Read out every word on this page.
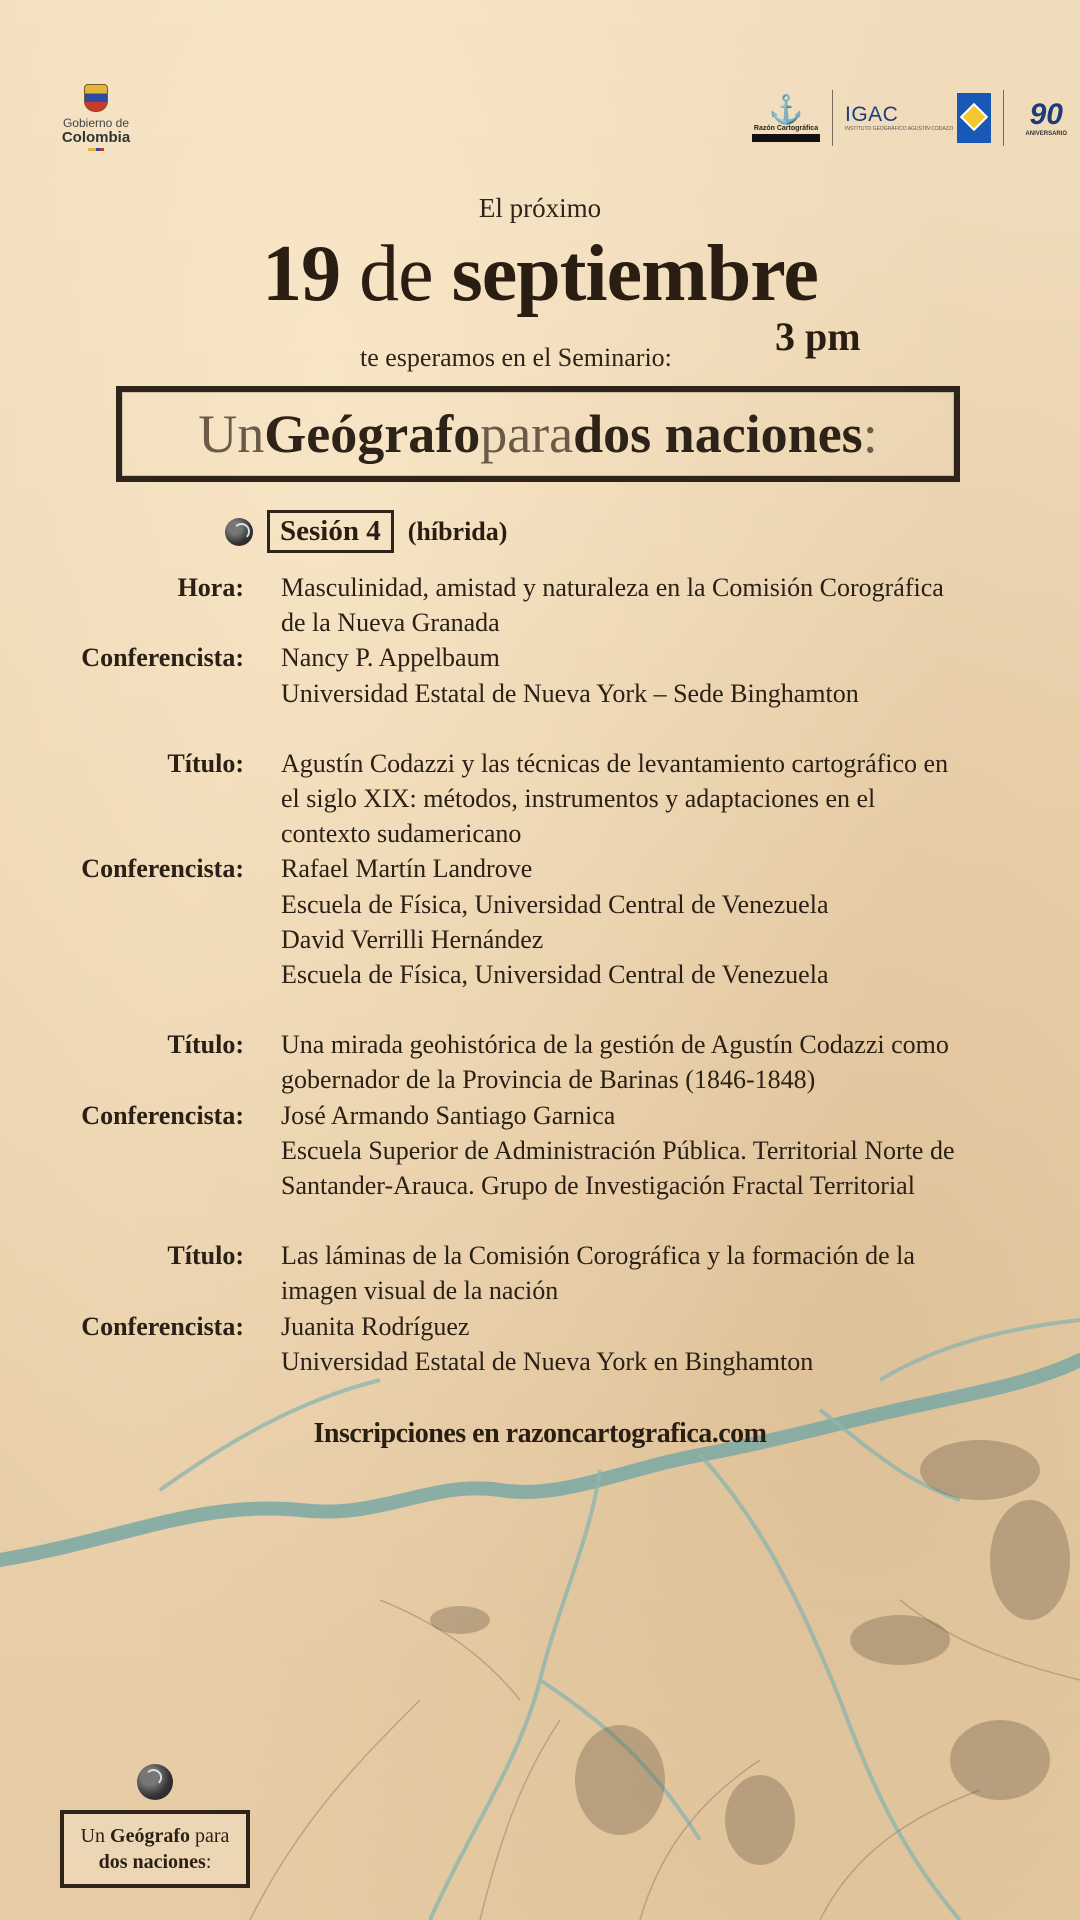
Gobierno de
Colombia
⚓
Razón Cartográfica
IGAC
INSTITUTO GEOGRÁFICO AGUSTÍN CODAZZI	90
ANIVERSARIO
El próximo
19 de septiembre
3 pm
te esperamos en el Seminario:
Un Geógrafo para dos naciones :
Sesión 4	(híbrida)
Hora:	Masculinidad, amistad y naturaleza en la Comisión Corográfica
de la Nueva Granada
Conferencista:	Nancy P. Appelbaum
Universidad Estatal de Nueva York – Sede Binghamton
Título:	Agustín Codazzi y las técnicas de levantamiento cartográfico en
el siglo XIX: métodos, instrumentos y adaptaciones en el
contexto sudamericano
Conferencista:	Rafael Martín Landrove
Escuela de Física, Universidad Central de Venezuela
David Verrilli Hernández
Escuela de Física, Universidad Central de Venezuela
Título:	Una mirada geohistórica de la gestión de Agustín Codazzi como
gobernador de la Provincia de Barinas (1846-1848)
Conferencista:	José Armando Santiago Garnica
Escuela Superior de Administración Pública. Territorial Norte de
Santander-Arauca. Grupo de Investigación Fractal Territorial
Título:	Las láminas de la Comisión Corográfica y la formación de la
imagen visual de la nación
Conferencista:	Juanita Rodríguez
Universidad Estatal de Nueva York en Binghamton
Inscripciones en razoncartografica.com
Un Geógrafo para
dos naciones:
